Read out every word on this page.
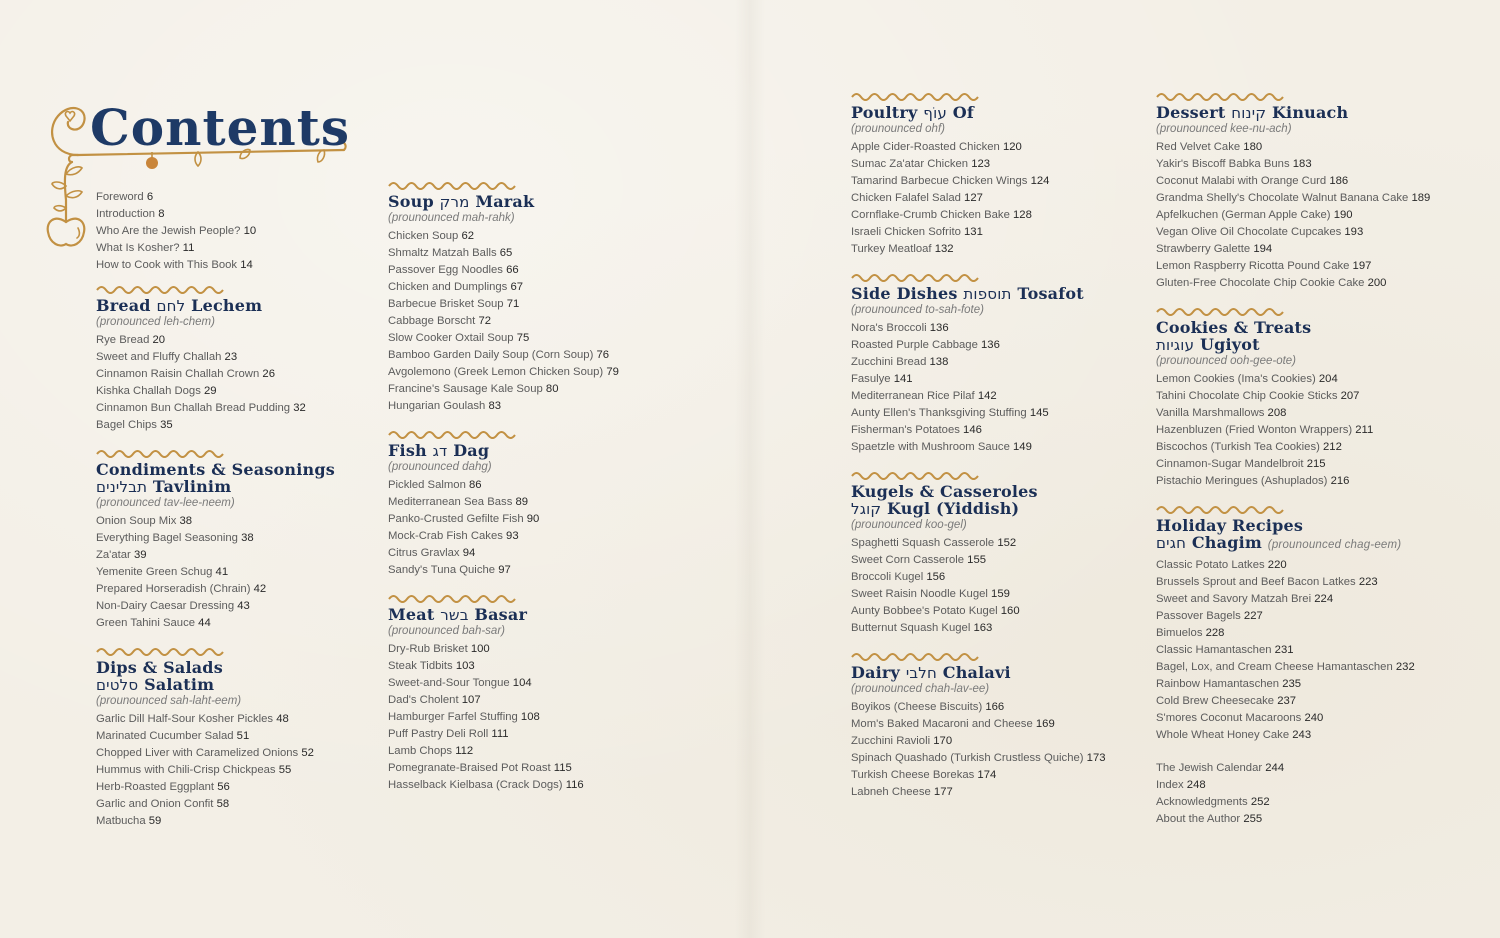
Contents
Foreword 6
Introduction 8
Who Are the Jewish People? 10
What Is Kosher? 11
How to Cook with This Book 14
Bread לחם Lechem
(pronounced leh-chem)
Rye Bread 20
Sweet and Fluffy Challah 23
Cinnamon Raisin Challah Crown 26
Kishka Challah Dogs 29
Cinnamon Bun Challah Bread Pudding 32
Bagel Chips 35
Condiments & Seasonings
תבלינים Tavlinim
(pronounced tav-lee-neem)
Onion Soup Mix 38
Everything Bagel Seasoning 38
Za'atar 39
Yemenite Green Schug 41
Prepared Horseradish (Chrain) 42
Non-Dairy Caesar Dressing 43
Green Tahini Sauce 44
Dips & Salads
סלטים Salatim
(prounounced sah-laht-eem)
Garlic Dill Half-Sour Kosher Pickles 48
Marinated Cucumber Salad 51
Chopped Liver with Caramelized Onions 52
Hummus with Chili-Crisp Chickpeas 55
Herb-Roasted Eggplant 56
Garlic and Onion Confit 58
Matbucha 59
Soup מרק Marak
(prounounced mah-rahk)
Chicken Soup 62
Shmaltz Matzah Balls 65
Passover Egg Noodles 66
Chicken and Dumplings 67
Barbecue Brisket Soup 71
Cabbage Borscht 72
Slow Cooker Oxtail Soup 75
Bamboo Garden Daily Soup (Corn Soup) 76
Avgolemono (Greek Lemon Chicken Soup) 79
Francine's Sausage Kale Soup 80
Hungarian Goulash 83
Fish דג Dag
(prounounced dahg)
Pickled Salmon 86
Mediterranean Sea Bass 89
Panko-Crusted Gefilte Fish 90
Mock-Crab Fish Cakes 93
Citrus Gravlax 94
Sandy's Tuna Quiche 97
Meat בשר Basar
(prounounced bah-sar)
Dry-Rub Brisket 100
Steak Tidbits 103
Sweet-and-Sour Tongue 104
Dad's Cholent 107
Hamburger Farfel Stuffing 108
Puff Pastry Deli Roll 111
Lamb Chops 112
Pomegranate-Braised Pot Roast 115
Hasselback Kielbasa (Crack Dogs) 116
Poultry עוֹף Of
(prounounced ohf)
Apple Cider-Roasted Chicken 120
Sumac Za'atar Chicken 123
Tamarind Barbecue Chicken Wings 124
Chicken Falafel Salad 127
Cornflake-Crumb Chicken Bake 128
Israeli Chicken Sofrito 131
Turkey Meatloaf 132
Side Dishes תוספות Tosafot
(prounounced to-sah-fote)
Nora's Broccoli 136
Roasted Purple Cabbage 136
Zucchini Bread 138
Fasulye 141
Mediterranean Rice Pilaf 142
Aunty Ellen's Thanksgiving Stuffing 145
Fisherman's Potatoes 146
Spaetzle with Mushroom Sauce 149
Kugels & Casseroles
קוגל Kugl (Yiddish)
(prounounced koo-gel)
Spaghetti Squash Casserole 152
Sweet Corn Casserole 155
Broccoli Kugel 156
Sweet Raisin Noodle Kugel 159
Aunty Bobbee's Potato Kugel 160
Butternut Squash Kugel 163
Dairy חלבי Chalavi
(prounounced chah-lav-ee)
Boyikos (Cheese Biscuits) 166
Mom's Baked Macaroni and Cheese 169
Zucchini Ravioli 170
Spinach Quashado (Turkish Crustless Quiche) 173
Turkish Cheese Borekas 174
Labneh Cheese 177
Dessert קינוח Kinuach
(prounounced kee-nu-ach)
Red Velvet Cake 180
Yakir's Biscoff Babka Buns 183
Coconut Malabi with Orange Curd 186
Grandma Shelly's Chocolate Walnut Banana Cake 189
Apfelkuchen (German Apple Cake) 190
Vegan Olive Oil Chocolate Cupcakes 193
Strawberry Galette 194
Lemon Raspberry Ricotta Pound Cake 197
Gluten-Free Chocolate Chip Cookie Cake 200
Cookies & Treats
עוגיות Ugiyot
(prounounced ooh-gee-ote)
Lemon Cookies (Ima's Cookies) 204
Tahini Chocolate Chip Cookie Sticks 207
Vanilla Marshmallows 208
Hazenbluzen (Fried Wonton Wrappers) 211
Biscochos (Turkish Tea Cookies) 212
Cinnamon-Sugar Mandelbroit 215
Pistachio Meringues (Ashuplados) 216
Holiday Recipes
חגים Chagim (prounounced chag-eem)
Classic Potato Latkes 220
Brussels Sprout and Beef Bacon Latkes 223
Sweet and Savory Matzah Brei 224
Passover Bagels 227
Bimuelos 228
Classic Hamantaschen 231
Bagel, Lox, and Cream Cheese Hamantaschen 232
Rainbow Hamantaschen 235
Cold Brew Cheesecake 237
S'mores Coconut Macaroons 240
Whole Wheat Honey Cake 243
The Jewish Calendar 244
Index 248
Acknowledgments 252
About the Author 255
